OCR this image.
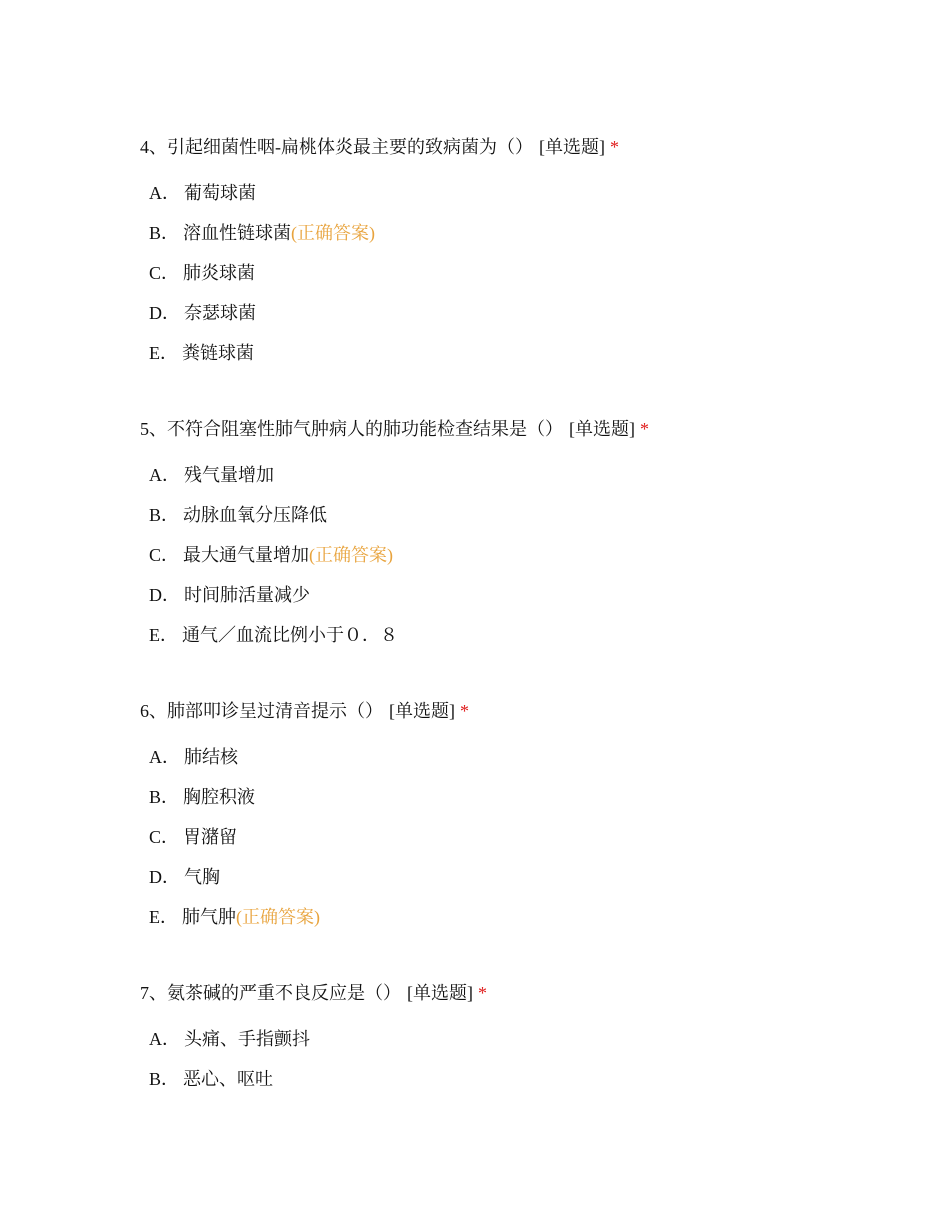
4、引起细菌性咽-扁桃体炎最主要的致病菌为（） [单选题] *
A． 葡萄球菌
B． 溶血性链球菌(正确答案)
C． 肺炎球菌
D． 奈瑟球菌
E． 粪链球菌
5、不符合阻塞性肺气肿病人的肺功能检查结果是（） [单选题] *
A． 残气量增加
B． 动脉血氧分压降低
C． 最大通气量增加(正确答案)
D． 时间肺活量减少
E． 通气／血流比例小于０．８
6、肺部叩诊呈过清音提示（） [单选题] *
A． 肺结核
B． 胸腔积液
C． 胃潴留
D． 气胸
E． 肺气肿(正确答案)
7、氨茶碱的严重不良反应是（） [单选题] *
A． 头痛、手指颤抖
B． 恶心、呕吐
